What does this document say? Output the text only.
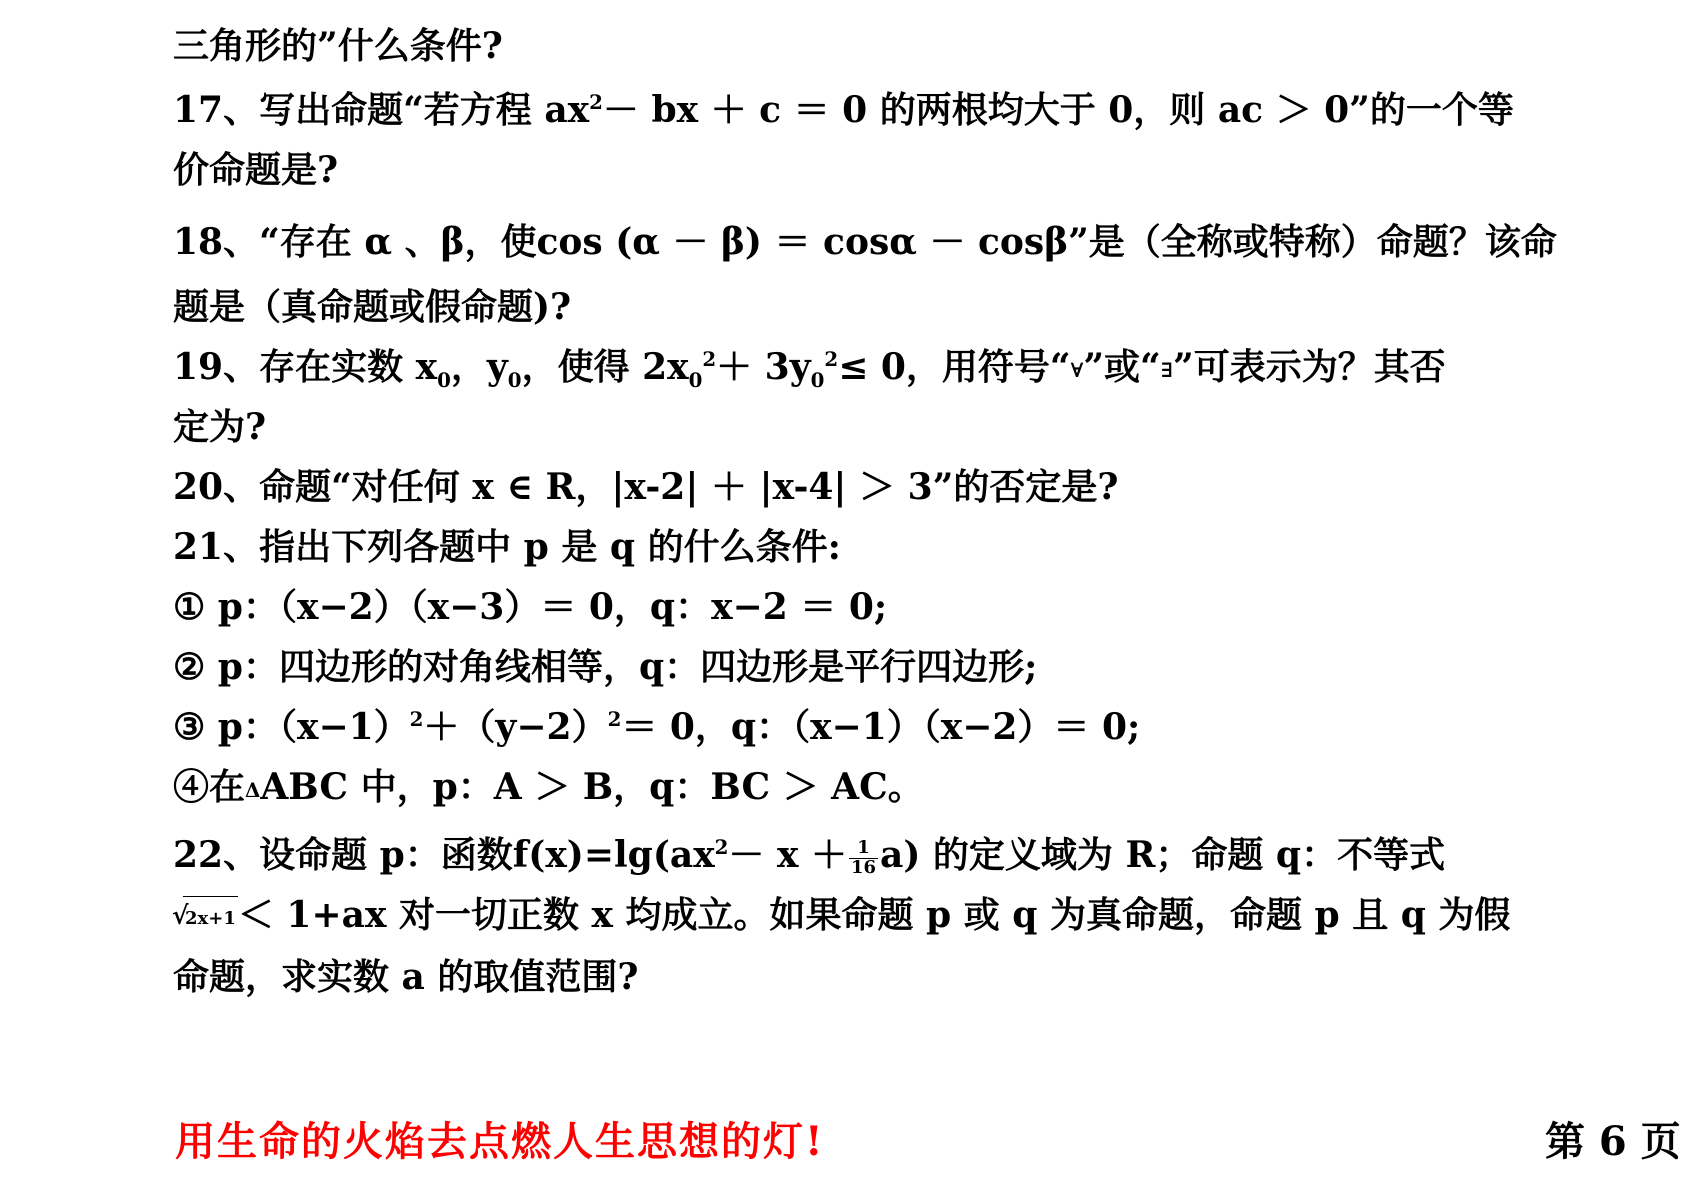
三角形的”什么条件?
17、写出命题“若方程 $ax^2-$ bx ＋ c ＝ 0 的两根均大于 0，则 ac ＞ 0”的一个等
价命题是?
18、“存在 α 、β，使cos (α － β) ＝ cosα － cosβ”是（全称或特称）命题？该命
题是（真命题或假命题)?
19、存在实数 $x_0$，$y_0$，使得 $2x_0^2+ 3y_0^2\le 0$，用符号“∀”或“∃”可表示为？其否
定为?
20、命题“对任何 x ∈ R，|x-2| ＋ |x-4| ＞ 3”的否定是?
21、指出下列各题中 p 是 q 的什么条件:
① p：（x−2）（x−3）＝ 0，q：x−2 ＝ 0;
② p：四边形的对角线相等，q：四边形是平行四边形;
③ p：$(x-1)^2+(y-2)^2= 0$，q：（x−1）（x−2）＝ 0;
④在ΔABC 中，p：A ＞ B，q：BC ＞ AC。
22、设命题 p：函数$f(x)=\lg(ax^2- x + \frac{1}{16} a)$ 的定义域为 R；命题 q：不等式
√ 2x+1＜ 1+ax 对一切正数 x 均成立。如果命题 p 或 q 为真命题，命题 p 且 q 为假
命题，求实数 a 的取值范围?
用生命的火焰去点燃人生思想的灯!	第 6 页
